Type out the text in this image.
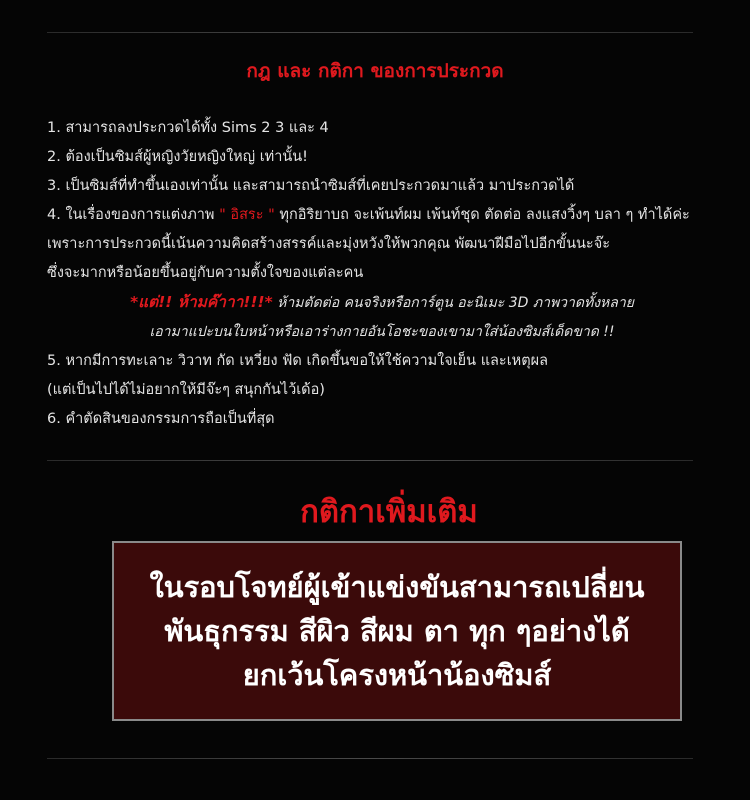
กฎ และ กติกา ของการประกวด
1. สามารถลงประกวดได้ทั้ง Sims 2 3 และ 4
2. ต้องเป็นซิมส์ผู้หญิงวัยหญิงใหญ่ เท่านั้น!
3. เป็นซิมส์ที่ทำขึ้นเองเท่านั้น และสามารถนำซิมส์ที่เคยประกวดมาแล้ว มาประกวดได้
4. ในเรื่องของการแต่งภาพ " อิสระ " ทุกอิริยาบถ จะเพ้นท์ผม เพ้นท์ชุด ตัดต่อ ลงแสงวิ้งๆ บลา ๆ ทำได้ค่ะ
เพราะการประกวดนี้เน้นความคิดสร้างสรรค์และมุ่งหวังให้พวกคุณ พัฒนาฝีมือไปอีกขั้นนะจ๊ะ
ซึ่งจะมากหรือน้อยขึ้นอยู่กับความตั้งใจของแต่ละคน
*แต่!! ห้ามค๊าาา!!!* ห้ามตัดต่อ คนจริงหรือการ์ตูน อะนิเมะ 3D ภาพวาดทั้งหลาย
เอามาแปะบนใบหน้าหรือเอาร่างกายอันโอชะของเขามาใส่น้องซิมส์เด็ดขาด !!
5. หากมีการทะเลาะ วิวาท กัด เหวี่ยง ฟัด เกิดขึ้นขอให้ใช้ความใจเย็น และเหตุผล
(แต่เป็นไปได้ไม่อยากให้มีจ๊ะๆ สนุกกันไว้เด้อ)
6. คำตัดสินของกรรมการถือเป็นที่สุด
กติกาเพิ่มเติม
ในรอบโจทย์ผู้เข้าแข่งขันสามารถเปลี่ยน
พันธุกรรม สีผิว สีผม ตา ทุก ๆอย่างได้
ยกเว้นโครงหน้าน้องซิมส์
